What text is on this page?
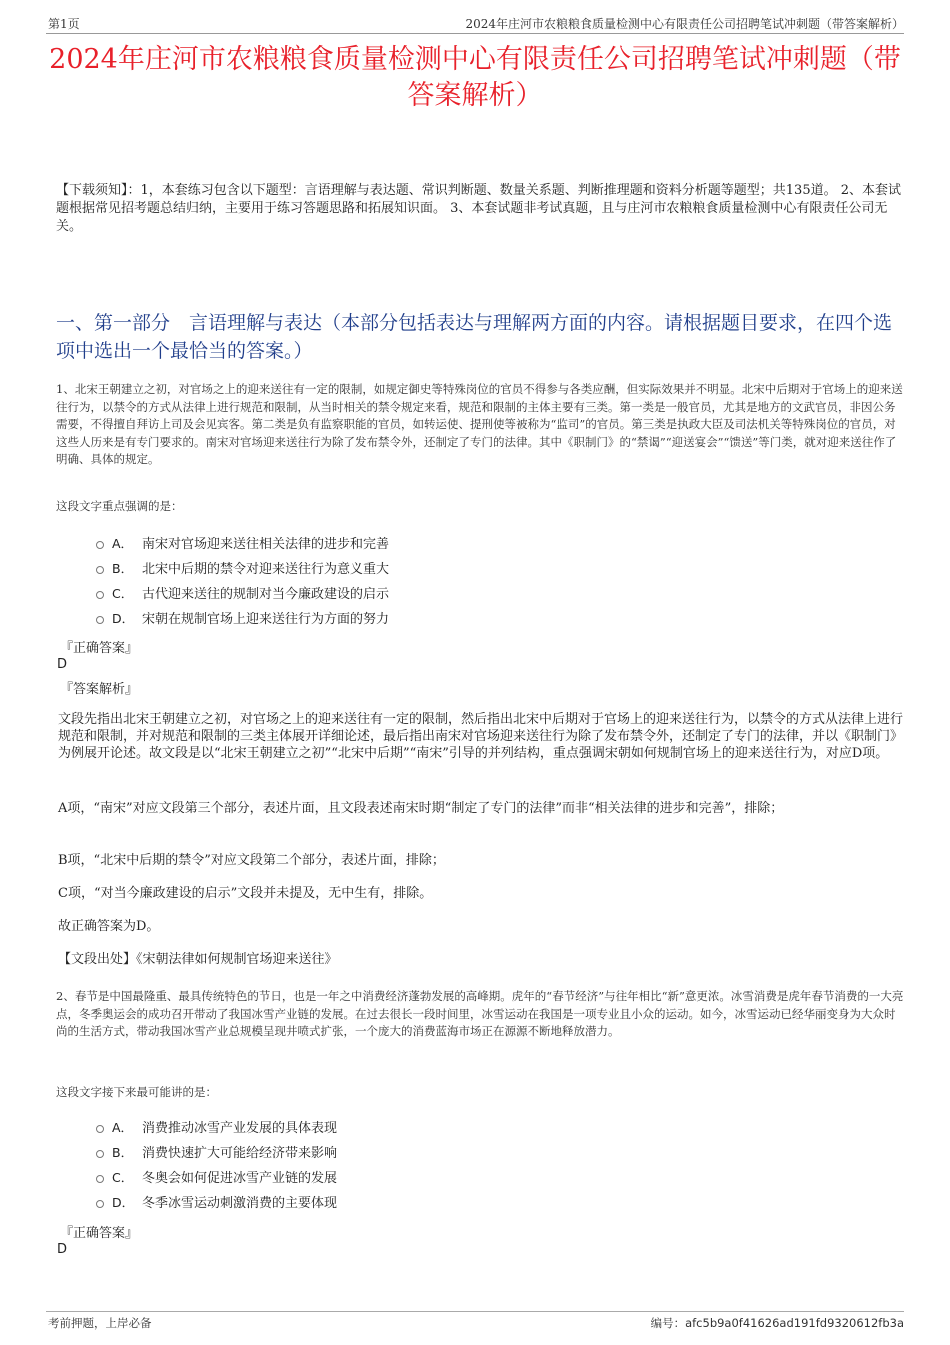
第1页	2024年庄河市农粮粮食质量检测中心有限责任公司招聘笔试冲刺题（带答案解析）
2024年庄河市农粮粮食质量检测中心有限责任公司招聘笔试冲刺题（带答案解析）
【下载须知】：1，本套练习包含以下题型：言语理解与表达题、常识判断题、数量关系题、判断推理题和资料分析题等题型；共135道。 2、本套试题根据常见招考题总结归纳，主要用于练习答题思路和拓展知识面。 3、本套试题非考试真题，且与庄河市农粮粮食质量检测中心有限责任公司无关。
一、第一部分　言语理解与表达（本部分包括表达与理解两方面的内容。请根据题目要求，在四个选项中选出一个最恰当的答案。）
1、北宋王朝建立之初，对官场之上的迎来送往有一定的限制，如规定御史等特殊岗位的官员不得参与各类应酬，但实际效果并不明显。北宋中后期对于官场上的迎来送往行为，以禁令的方式从法律上进行规范和限制，从当时相关的禁令规定来看，规范和限制的主体主要有三类。第一类是一般官员，尤其是地方的文武官员，非因公务需要，不得擅自拜访上司及会见宾客。第二类是负有监察职能的官员，如转运使、提刑使等被称为“监司”的官员。第三类是执政大臣及司法机关等特殊岗位的官员，对这些人历来是有专门要求的。南宋对官场迎来送往行为除了发布禁令外，还制定了专门的法律。其中《职制门》的“禁谒”“迎送宴会”“馈送”等门类，就对迎来送往作了明确、具体的规定。
这段文字重点强调的是：
A． 南宋对官场迎来送往相关法律的进步和完善
B． 北宋中后期的禁令对迎来送往行为意义重大
C． 古代迎来送往的规制对当今廉政建设的启示
D． 宋朝在规制官场上迎来送往行为方面的努力
『正确答案』
D
『答案解析』
文段先指出北宋王朝建立之初，对官场之上的迎来送往有一定的限制，然后指出北宋中后期对于官场上的迎来送往行为，以禁令的方式从法律上进行规范和限制，并对规范和限制的三类主体展开详细论述，最后指出南宋对官场迎来送往行为除了发布禁令外，还制定了专门的法律，并以《职制门》为例展开论述。故文段是以“北宋王朝建立之初”“北宋中后期”“南宋”引导的并列结构，重点强调宋朝如何规制官场上的迎来送往行为，对应D项。
A项，“南宋”对应文段第三个部分，表述片面，且文段表述南宋时期“制定了专门的法律”而非“相关法律的进步和完善”，排除；
B项，“北宋中后期的禁令”对应文段第二个部分，表述片面，排除；
C项，“对当今廉政建设的启示”文段并未提及，无中生有，排除。
故正确答案为D。
【文段出处】《宋朝法律如何规制官场迎来送往》
2、春节是中国最隆重、最具传统特色的节日，也是一年之中消费经济蓬勃发展的高峰期。虎年的“春节经济”与往年相比“新”意更浓。冰雪消费是虎年春节消费的一大亮点，冬季奥运会的成功召开带动了我国冰雪产业链的发展。在过去很长一段时间里，冰雪运动在我国是一项专业且小众的运动。如今，冰雪运动已经华丽变身为大众时尚的生活方式，带动我国冰雪产业总规模呈现井喷式扩张，一个庞大的消费蓝海市场正在源源不断地释放潜力。
这段文字接下来最可能讲的是：
A． 消费推动冰雪产业发展的具体表现
B． 消费快速扩大可能给经济带来影响
C． 冬奥会如何促进冰雪产业链的发展
D． 冬季冰雪运动刺激消费的主要体现
『正确答案』
D
考前押题，上岸必备	编号：afc5b9a0f41626ad191fd9320612fb3a
